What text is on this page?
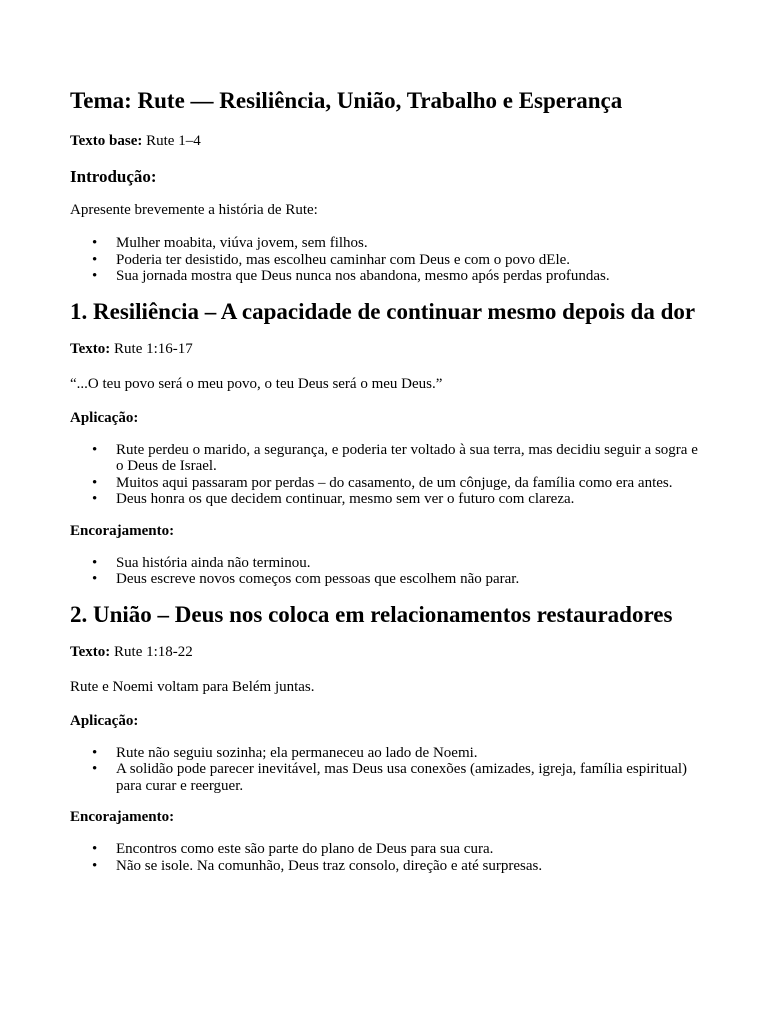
Tema: Rute — Resiliência, União, Trabalho e Esperança
Texto base: Rute 1–4
Introdução:

Apresente brevemente a história de Rute:

• Mulher moabita, viúva jovem, sem filhos.
• Poderia ter desistido, mas escolheu caminhar com Deus e com o povo dEle.
• Sua jornada mostra que Deus nunca nos abandona, mesmo após perdas profundas.
1. Resiliência – A capacidade de continuar mesmo depois da dor
Texto: Rute 1:16-17

“...O teu povo será o meu povo, o teu Deus será o meu Deus.”

Aplicação:
• Rute perdeu o marido, a segurança, e poderia ter voltado à sua terra, mas decidiu seguir a sogra e o Deus de Israel.
• Muitos aqui passaram por perdas – do casamento, de um cônjuge, da família como era antes.
• Deus honra os que decidem continuar, mesmo sem ver o futuro com clareza.
Encorajamento:
• Sua história ainda não terminou.
• Deus escreve novos começos com pessoas que escolhem não parar.
2. União – Deus nos coloca em relacionamentos restauradores
Texto: Rute 1:18-22

Rute e Noemi voltam para Belém juntas.

Aplicação:
• Rute não seguiu sozinha; ela permaneceu ao lado de Noemi.
• A solidão pode parecer inevitável, mas Deus usa conexões (amizades, igreja, família espiritual) para curar e reerguer.
Encorajamento:
• Encontros como este são parte do plano de Deus para sua cura.
• Não se isole. Na comunhão, Deus traz consolo, direção e até surpresas.
